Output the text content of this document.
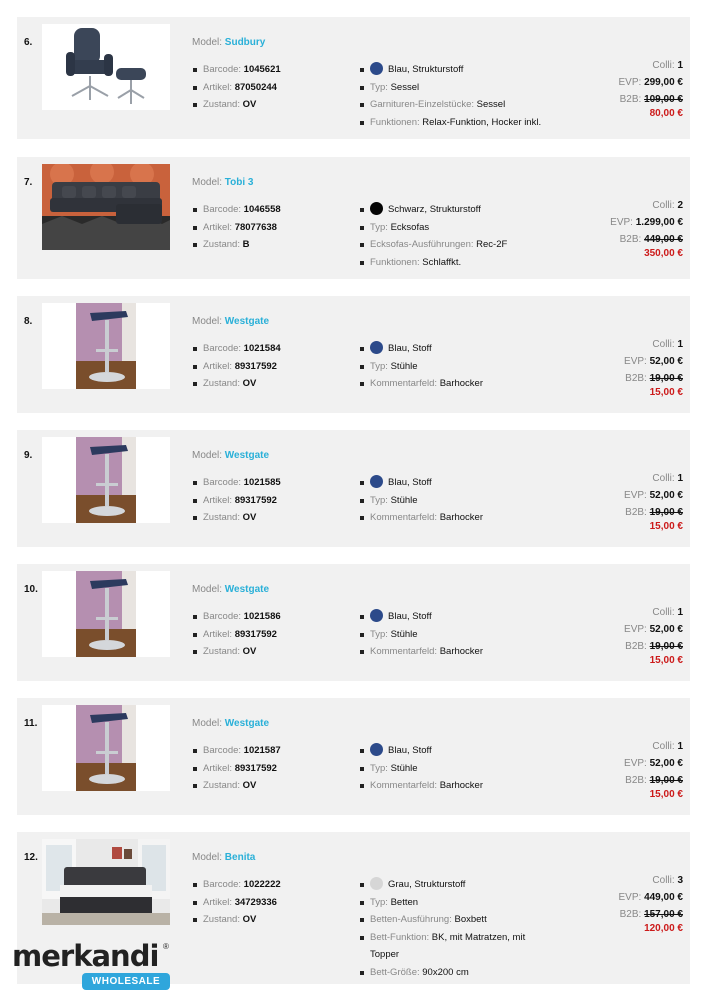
6.	Model: Sudbury
Barcode: 1045621
Artikel: 87050244
Zustand: OV
Blau, Strukturstoff
Typ: Sessel
Garnituren-Einzelstücke: Sessel
Funktionen: Relax-Funktion, Hocker inkl.
Colli: 1
EVP: 299,00 €
B2B: 109,00 €
80,00 €
7.	Model: Tobi 3
Barcode: 1046558
Artikel: 78077638
Zustand: B
Schwarz, Strukturstoff
Typ: Ecksofas
Ecksofas-Ausführungen: Rec-2F
Funktionen: Schlaffkt.
Colli: 2
EVP: 1.299,00 €
B2B: 449,00 €
350,00 €
8.	Model: Westgate
Barcode: 1021584
Artikel: 89317592
Zustand: OV
Blau, Stoff
Typ: Stühle
Kommentarfeld: Barhocker
Colli: 1
EVP: 52,00 €
B2B: 19,00 €
15,00 €
9.	Model: Westgate
Barcode: 1021585
Artikel: 89317592
Zustand: OV
Blau, Stoff
Typ: Stühle
Kommentarfeld: Barhocker
Colli: 1
EVP: 52,00 €
B2B: 19,00 €
15,00 €
10.	Model: Westgate
Barcode: 1021586
Artikel: 89317592
Zustand: OV
Blau, Stoff
Typ: Stühle
Kommentarfeld: Barhocker
Colli: 1
EVP: 52,00 €
B2B: 19,00 €
15,00 €
11.	Model: Westgate
Barcode: 1021587
Artikel: 89317592
Zustand: OV
Blau, Stoff
Typ: Stühle
Kommentarfeld: Barhocker
Colli: 1
EVP: 52,00 €
B2B: 19,00 €
15,00 €
12.	Model: Benita
Barcode: 1022222
Artikel: 34729336
Zustand: OV
Grau, Strukturstoff
Typ: Betten
Betten-Ausführung: Boxbett
Bett-Funktion: BK, mit Matratzen, mit Topper
Bett-Größe: 90x200 cm
Colli: 3
EVP: 449,00 €
B2B: 157,00 €
120,00 €
merkandi ®
WHOLESALE
